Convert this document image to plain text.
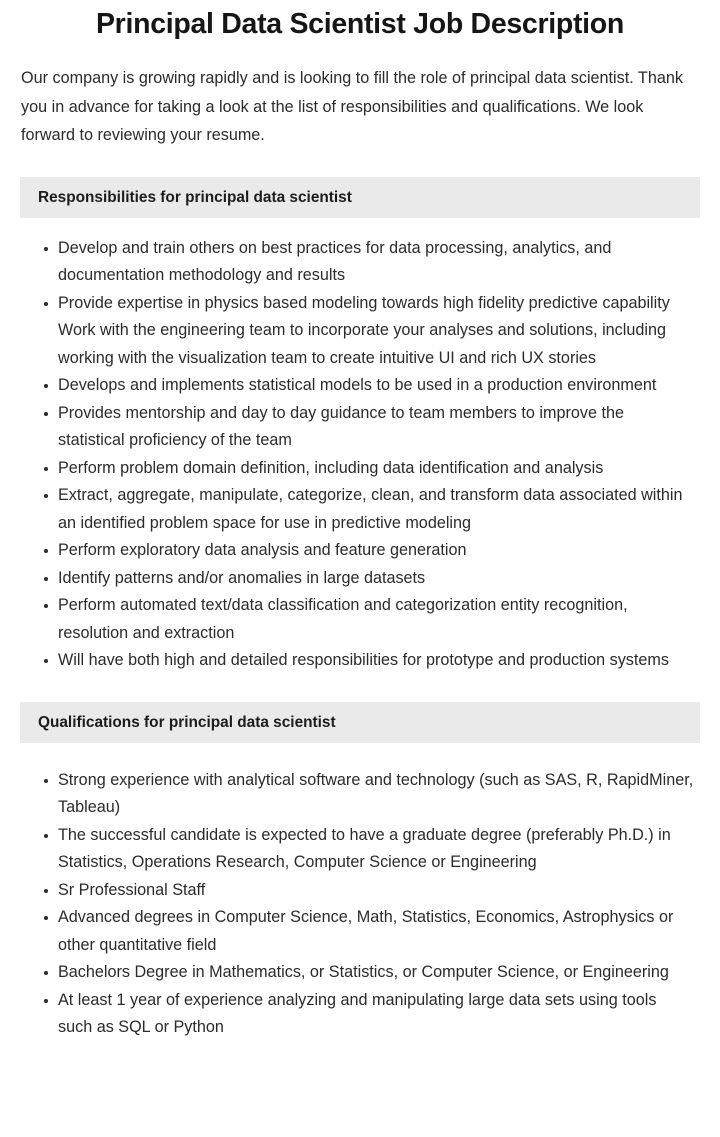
Principal Data Scientist Job Description

Our company is growing rapidly and is looking to fill the role of principal data scientist. Thank you in advance for taking a look at the list of responsibilities and qualifications. We look forward to reviewing your resume.

Responsibilities for principal data scientist
Develop and train others on best practices for data processing, analytics, and documentation methodology and results
Provide expertise in physics based modeling towards high fidelity predictive capability Work with the engineering team to incorporate your analyses and solutions, including working with the visualization team to create intuitive UI and rich UX stories
Develops and implements statistical models to be used in a production environment
Provides mentorship and day to day guidance to team members to improve the statistical proficiency of the team
Perform problem domain definition, including data identification and analysis
Extract, aggregate, manipulate, categorize, clean, and transform data associated within an identified problem space for use in predictive modeling
Perform exploratory data analysis and feature generation
Identify patterns and/or anomalies in large datasets
Perform automated text/data classification and categorization entity recognition, resolution and extraction
Will have both high and detailed responsibilities for prototype and production systems
Qualifications for principal data scientist
Strong experience with analytical software and technology (such as SAS, R, RapidMiner, Tableau)
The successful candidate is expected to have a graduate degree (preferably Ph.D.) in Statistics, Operations Research, Computer Science or Engineering
Sr Professional Staff
Advanced degrees in Computer Science, Math, Statistics, Economics, Astrophysics or other quantitative field
Bachelors Degree in Mathematics, or Statistics, or Computer Science, or Engineering
At least 1 year of experience analyzing and manipulating large data sets using tools such as SQL or Python
